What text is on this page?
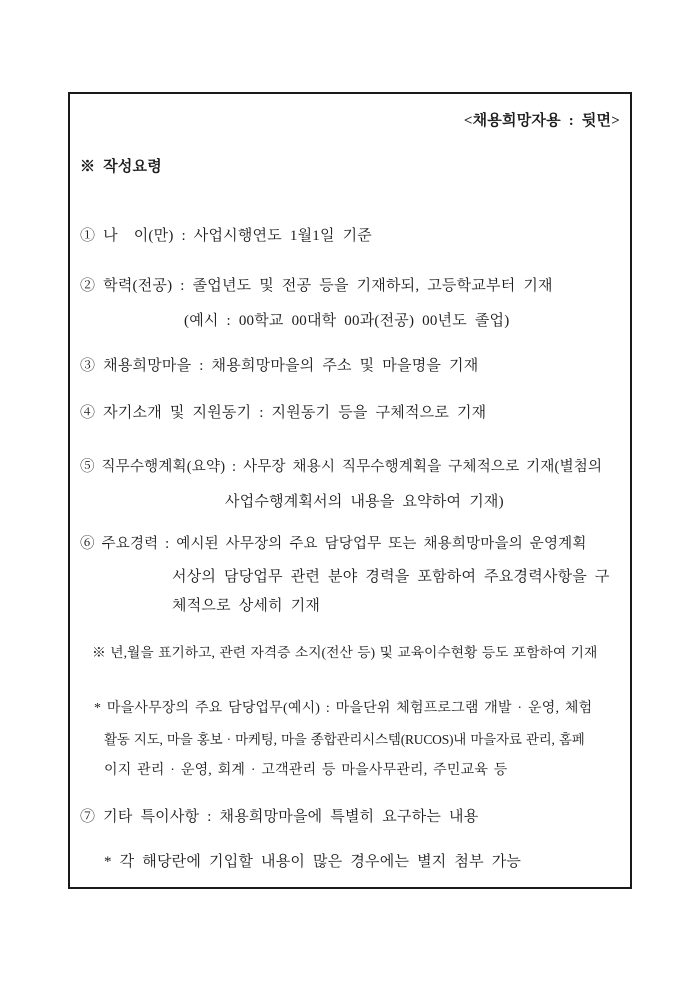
<채용희망자용 : 뒷면>
※ 작성요령
① 나  이(만) : 사업시행연도 1월1일 기준
② 학력(전공) : 졸업년도 및 전공 등을 기재하되, 고등학교부터 기재
(예시 : 00학교 00대학 00과(전공) 00년도 졸업)
③ 채용희망마을 : 채용희망마을의 주소 및 마을명을 기재
④ 자기소개 및 지원동기 : 지원동기 등을 구체적으로 기재
⑤ 직무수행계획(요약) : 사무장 채용시 직무수행계획을 구체적으로 기재(별첨의
사업수행계획서의 내용을 요약하여 기재)
⑥ 주요경력 : 예시된 사무장의 주요 담당업무 또는 채용희망마을의 운영계획
서상의 담당업무 관련 분야 경력을 포함하여 주요경력사항을 구
체적으로 상세히 기재
※ 년,월을 표기하고, 관련 자격증 소지(전산 등) 및 교육이수현황 등도 포함하여 기재
* 마을사무장의 주요 담당업무(예시) : 마을단위 체험프로그램 개발 · 운영, 체험
활동 지도, 마을 홍보 · 마케팅, 마을 종합관리시스템(RUCOS)내 마을자료 관리, 홈페
이지 관리 · 운영, 회계 · 고객관리 등 마을사무관리, 주민교육 등
⑦ 기타 특이사항 : 채용희망마을에 특별히 요구하는 내용
* 각 해당란에 기입할 내용이 많은 경우에는 별지 첨부 가능
